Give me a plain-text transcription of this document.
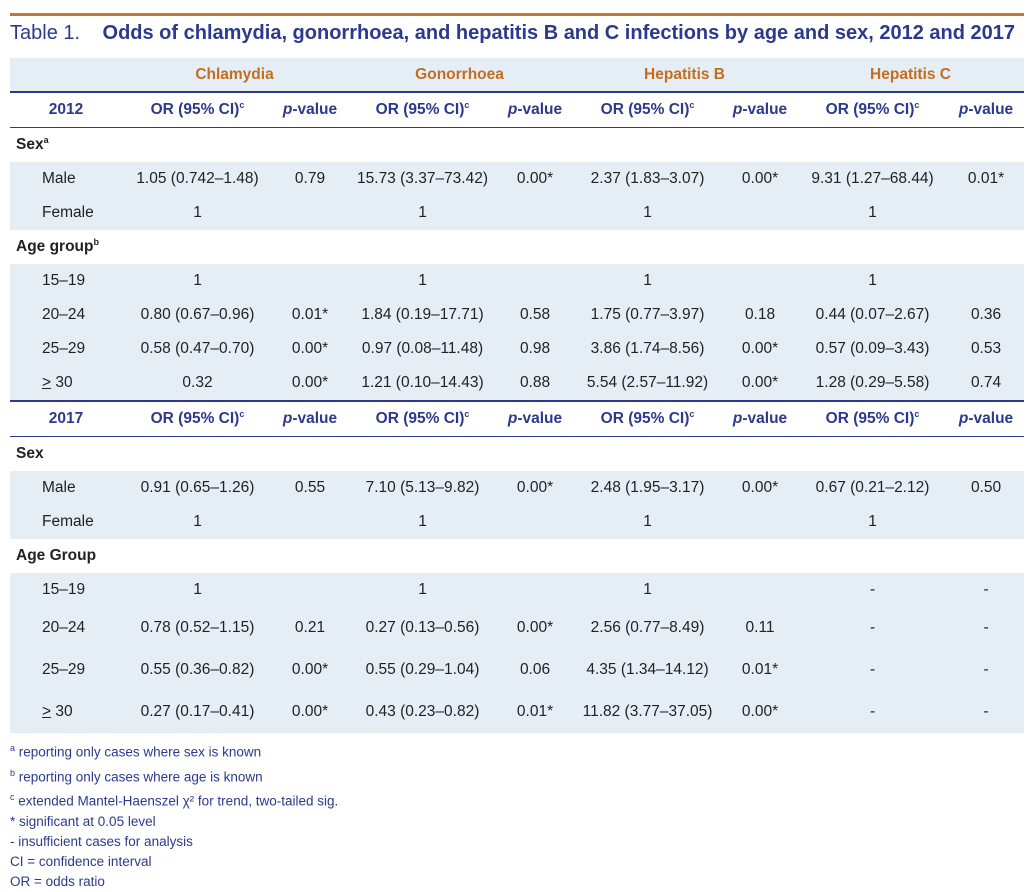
Table 1. Odds of chlamydia, gonorrhoea, and hepatitis B and C infections by age and sex, 2012 and 2017
	Chlamydia		Gonorrhoea		Hepatitis B		Hepatitis C	
2012	OR (95% CI)$^c$	p-value	OR (95% CI)$^c$	p-value	OR (95% CI)$^c$	p-value	OR (95% CI)$^c$	p-value
Sex$^a$								
Male	1.05 (0.742–1.48)	0.79	15.73 (3.37–73.42)	0.00*	2.37 (1.83–3.07)	0.00*	9.31 (1.27–68.44)	0.01*
Female	1		1		1		1	
Age group$^b$								
15–19	1		1		1		1	
20–24	0.80 (0.67–0.96)	0.01*	1.84 (0.19–17.71)	0.58	1.75 (0.77–3.97)	0.18	0.44 (0.07–2.67)	0.36
25–29	0.58 (0.47–0.70)	0.00*	0.97 (0.08–11.48)	0.98	3.86 (1.74–8.56)	0.00*	0.57 (0.09–3.43)	0.53
≥ 30	0.32	0.00*	1.21 (0.10–14.43)	0.88	5.54 (2.57–11.92)	0.00*	1.28 (0.29–5.58)	0.74
2017	OR (95% CI)$^c$	p-value	OR (95% CI)$^c$	p-value	OR (95% CI)$^c$	p-value	OR (95% CI)$^c$	p-value
Sex								
Male	0.91 (0.65–1.26)	0.55	7.10 (5.13–9.82)	0.00*	2.48 (1.95–3.17)	0.00*	0.67 (0.21–2.12)	0.50
Female	1		1		1		1	
Age Group								
15–19	1		1		1		-	-
20–24	0.78 (0.52–1.15)	0.21	0.27 (0.13–0.56)	0.00*	2.56 (0.77–8.49)	0.11	-	-
25–29	0.55 (0.36–0.82)	0.00*	0.55 (0.29–1.04)	0.06	4.35 (1.34–14.12)	0.01*	-	-
≥ 30	0.27 (0.17–0.41)	0.00*	0.43 (0.23–0.82)	0.01*	11.82 (3.77–37.05)	0.00*	-	-
$^a$ reporting only cases where sex is known
$^b$ reporting only cases where age is known
$^c$ extended Mantel-Haenszel χ² for trend, two-tailed sig.
* significant at 0.05 level
- insufficient cases for analysis
CI = confidence interval
OR = odds ratio
